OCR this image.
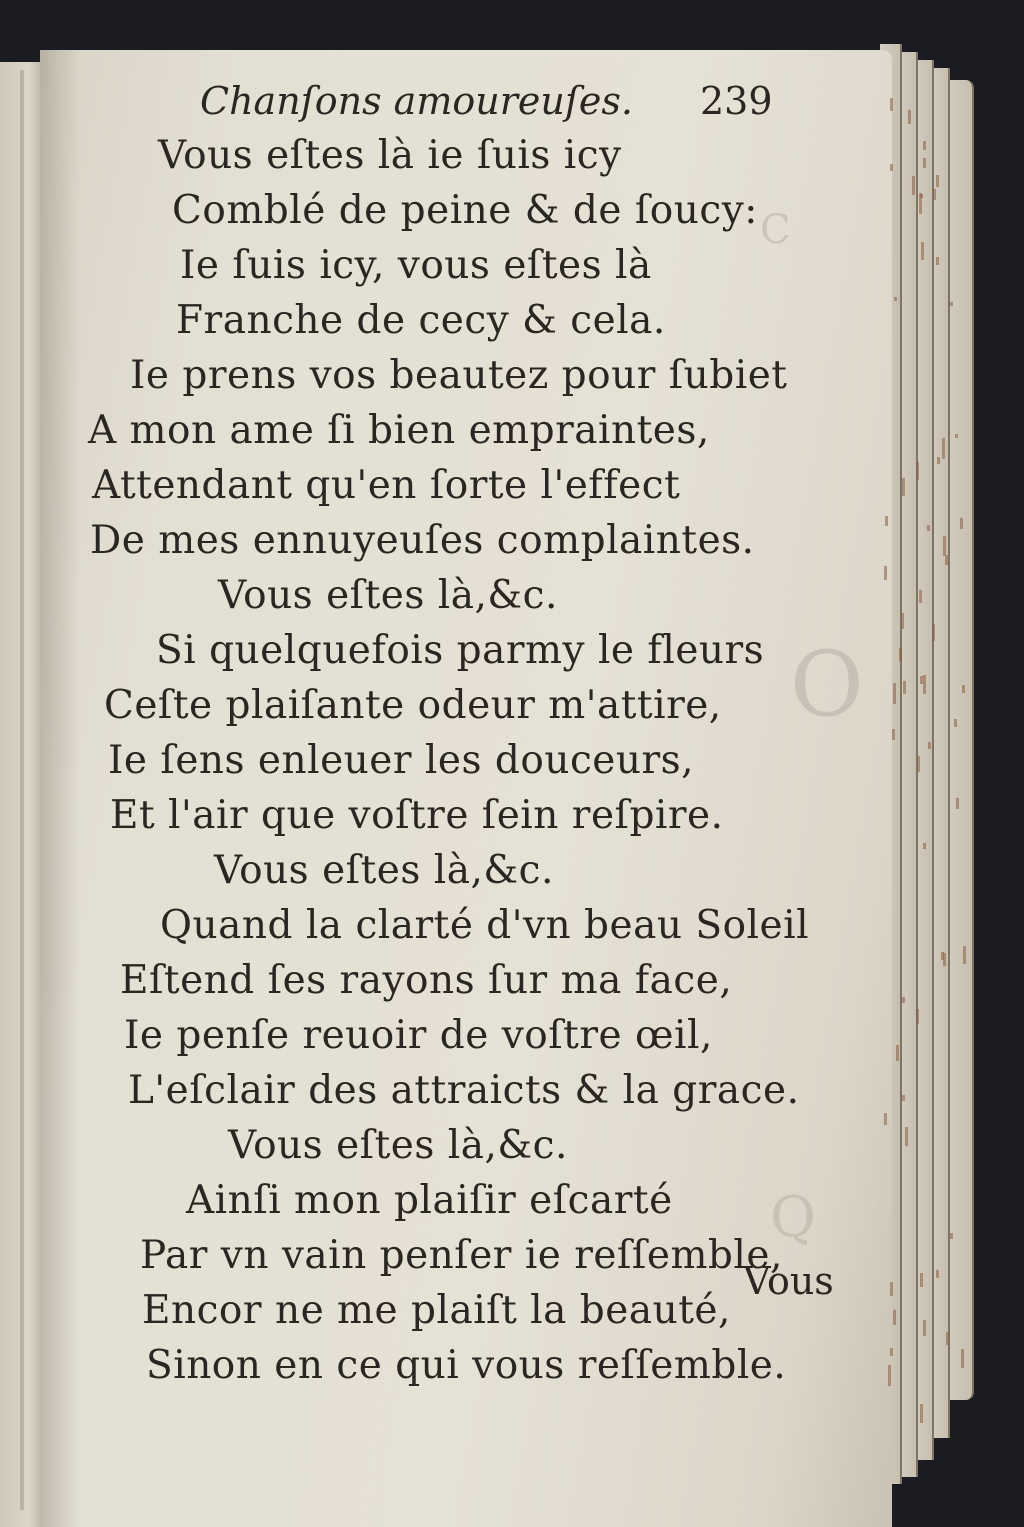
C
O
Q
Chanſons amoureuſes. 239
Vous eſtes là ie ſuis icy
Comblé de peine & de ſoucy:
Ie ſuis icy, vous eſtes là
Franche de cecy & cela.
Ie prens vos beautez pour ſubiet
A mon ame ſi bien empraintes,
Attendant qu'en ſorte l'effect
De mes ennuyeuſes complaintes.
Vous eſtes là,&c.
Si quelquefois parmy le fleurs
Ceſte plaiſante odeur m'attire,
Ie ſens enleuer les douceurs,
Et l'air que voſtre ſein reſpire.
Vous eſtes là,&c.
Quand la clarté d'vn beau Soleil
Eſtend ſes rayons ſur ma face,
Ie penſe reuoir de voſtre œil,
L'eſclair des attraicts & la grace.
Vous eſtes là,&c.
Ainſi mon plaiſir eſcarté
Par vn vain penſer ie reſſemble,
Encor ne me plaiſt la beauté,
Sinon en ce qui vous reſſemble.
Vous
